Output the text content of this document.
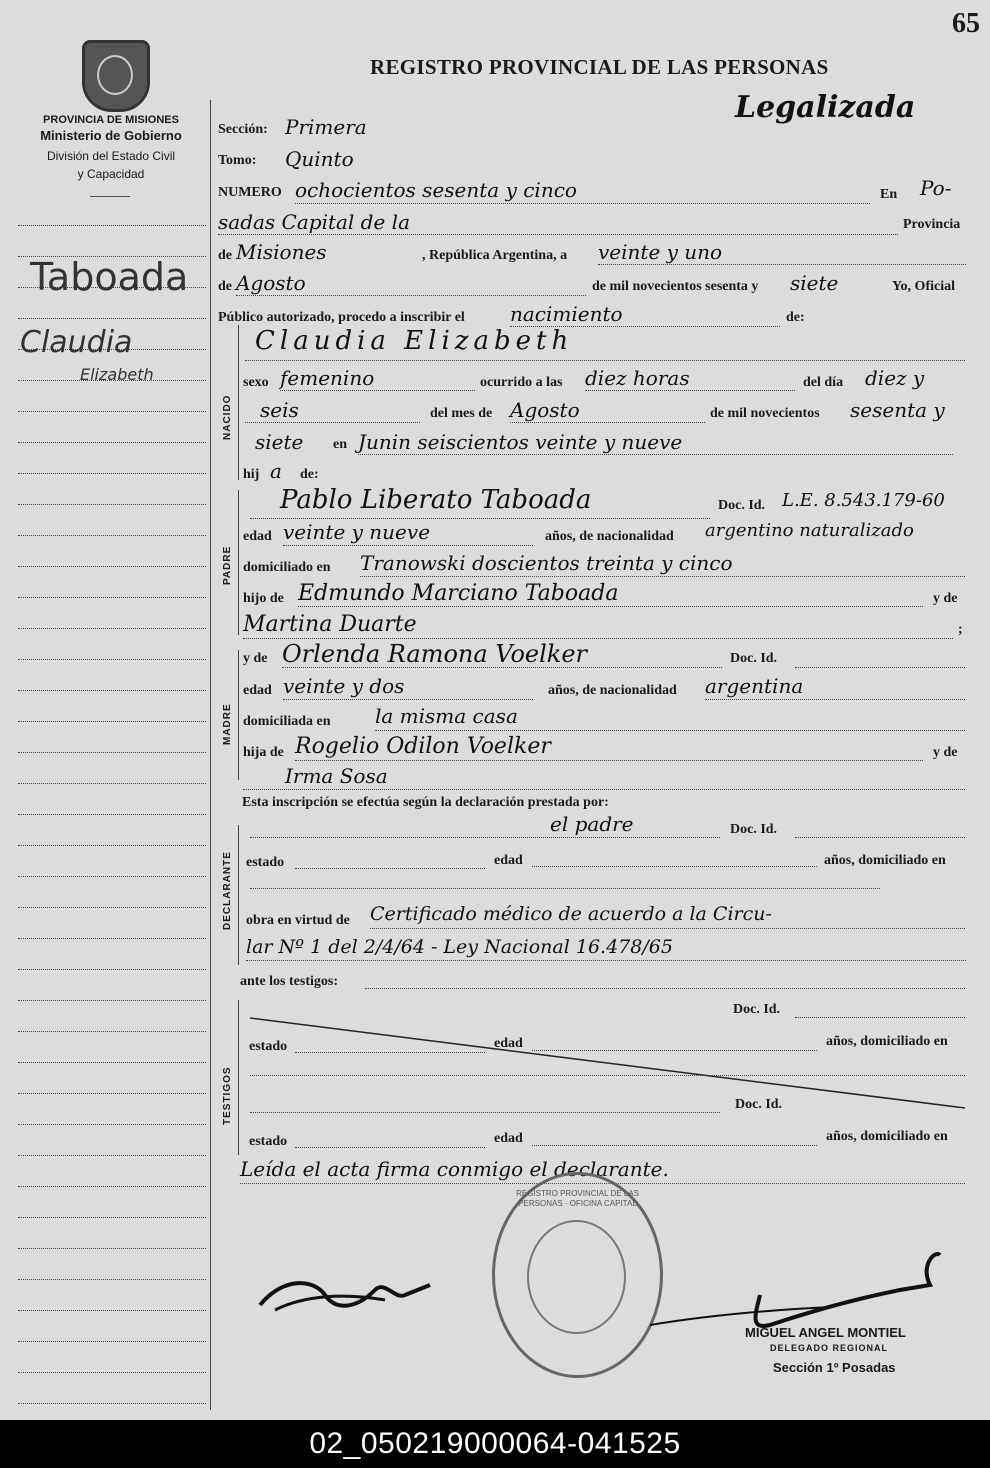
65
PROVINCIA DE MISIONES
Ministerio de Gobierno
División del Estado Civil
y Capacidad
REGISTRO PROVINCIAL DE LAS PERSONAS
Legalizada
Taboada
Claudia
Elizabeth
Sección: Primera
Tomo: Quinto
NUMERO ochocientos sesenta y cinco	En Po-
sadas Capital de la	Provincia
de Misiones	, República Argentina, a veinte y uno
de Agosto	de mil novecientos sesenta y siete	Yo, Oficial
Público autorizado, procedo a inscribir el nacimiento	de:
NACIDO
Claudia Elizabeth
sexo femenino	ocurrido a las diez horas	del día diez y
seis	del mes de Agosto	de mil novecientos sesenta y
siete en Junin seiscientos veinte y nueve
hij a de:
PADRE
Pablo Liberato Taboada	Doc. Id. L.E. 8.543.179-60
edad veinte y nueve	años, de nacionalidad argentino naturalizado
domiciliado en Tranowski doscientos treinta y cinco
hijo de Edmundo Marciano Taboada	y de
Martina Duarte	;
MADRE
y de Orlenda Ramona Voelker	Doc. Id.
edad veinte y dos	años, de nacionalidad argentina
domiciliada en la misma casa
hija de Rogelio Odilon Voelker	y de
Irma Sosa
Esta inscripción se efectúa según la declaración prestada por:
DECLARANTE
el padre	Doc. Id.
estado	edad	años, domiciliado en
obra en virtud de Certificado médico de acuerdo a la Circu-
lar Nº 1 del 2/4/64 - Ley Nacional 16.478/65
ante los testigos:
TESTIGOS
Doc. Id.
estado	edad	años, domiciliado en
Doc. Id.
estado	edad	años, domiciliado en
Leída el acta firma conmigo el declarante.
REGISTRO PROVINCIAL DE LAS PERSONAS · OFICINA CAPITAL
MIGUEL ANGEL MONTIEL
DELEGADO REGIONAL
Sección 1º Posadas
02_050219000064-041525
